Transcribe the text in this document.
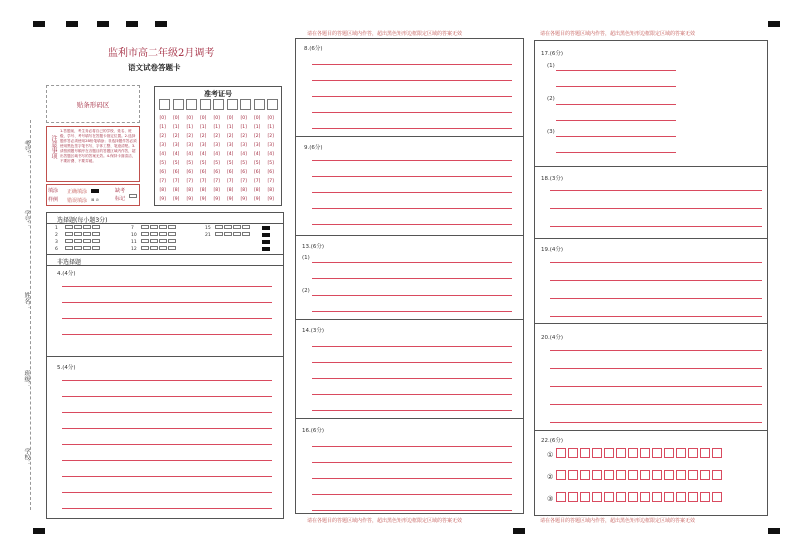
考号：
学号：
姓名：
班级：
学校：
监利市高二年级2月调考
语文试卷答题卡
贴条形码区
准考证号
[0]
[1]
[2]
[3]
[4]
[5]
[6]
[7]
[8]
[9]
[0]
[1]
[2]
[3]
[4]
[5]
[6]
[7]
[8]
[9]
[0]
[1]
[2]
[3]
[4]
[5]
[6]
[7]
[8]
[9]
[0]
[1]
[2]
[3]
[4]
[5]
[6]
[7]
[8]
[9]
[0]
[1]
[2]
[3]
[4]
[5]
[6]
[7]
[8]
[9]
[0]
[1]
[2]
[3]
[4]
[5]
[6]
[7]
[8]
[9]
[0]
[1]
[2]
[3]
[4]
[5]
[6]
[7]
[8]
[9]
[0]
[1]
[2]
[3]
[4]
[5]
[6]
[7]
[8]
[9]
[0]
[1]
[2]
[3]
[4]
[5]
[6]
[7]
[8]
[9]
注意事项
1.答题前，考生务必将自己的学校、姓名、班级、学号、考号填写在答题卡指定位置。2.选择题作答必须使用2B铅笔填涂；非选择题作答必须使用黑色签字笔书写，字体工整、笔迹清楚。3.请按照题号顺序在各题目的答题区域内作答，超出答题区域书写的答案无效。4.保持卡面清洁，不要折叠、不要弄破。
填涂样例
正确填涂
错误填涂 ⊠ ⊘
缺考标记
选择题(每小题3分)
1
2
3
6
7
10
11
12
15
21
非选择题
4.(4分)
5.(4分)
请在各题目的答题区域内作答，超出黑色矩形边框限定区域的答案无效
8.(6分)
9.(6分)
13.(6分)
(1)
(2)
14.(3分)
16.(6分)
请在各题目的答题区域内作答，超出黑色矩形边框限定区域的答案无效
请在各题目的答题区域内作答，超出黑色矩形边框限定区域的答案无效
17.(6分)
(1)
(2)
(3)
18.(3分)
19.(4分)
20.(4分)
22.(6分)
①
②
③
请在各题目的答题区域内作答，超出黑色矩形边框限定区域的答案无效
